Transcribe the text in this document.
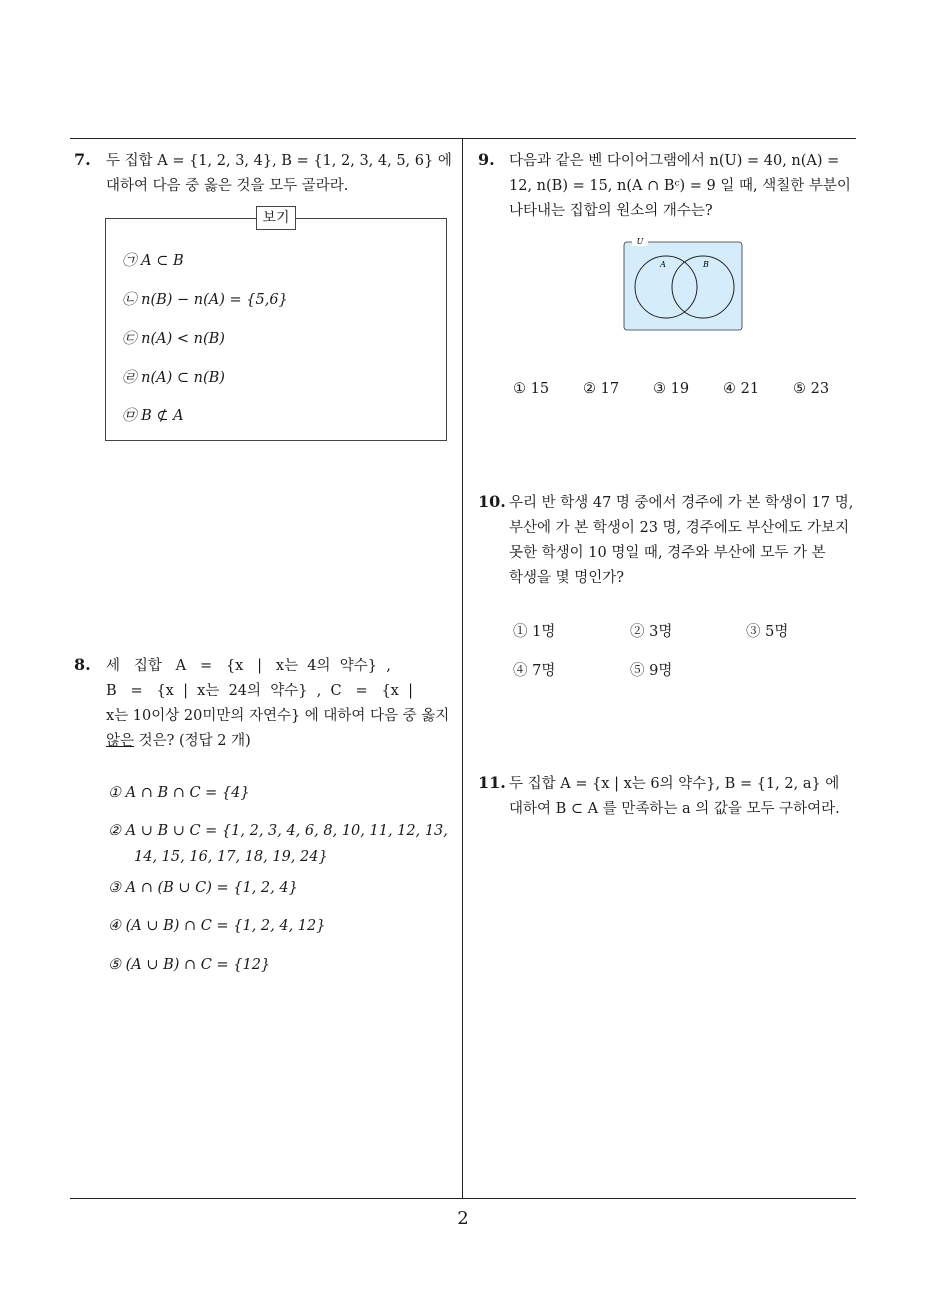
7. 두 집합 A = {1, 2, 3, 4}, B = {1, 2, 3, 4, 5, 6} 에
대하여 다음 중 옳은 것을 모두 골라라.
보기
㉠ A ⊂ B
㉡ n(B) − n(A) = {5,6}
㉢ n(A) < n(B)
㉣ n(A) ⊂ n(B)
㉤ B ⊄ A
8. 세   집합   A   =   {x   |   x는  4의  약수}  ,
B   =   {x  |  x는  24의  약수}  ,  C   =   {x  |
x는 10이상 20미만의 자연수} 에 대하여 다음 중 옳지
않은 것은? (정답 2 개)
① A ∩ B ∩ C = {4}
② A ∪ B ∪ C = {1, 2, 3, 4, 6, 8, 10, 11, 12, 13,
14, 15, 16, 17, 18, 19, 24}
③ A ∩ (B ∪ C) = {1, 2, 4}
④ (A ∪ B) ∩ C = {1, 2, 4, 12}
⑤ (A ∪ B) ∩ C = {12}
9. 다음과 같은 벤 다이어그램에서 n(U) = 40, n(A) =
12, n(B) = 15, n(A ∩ Bᶜ) = 9 일 때, 색칠한 부분이
나타내는 집합의 원소의 개수는?
U
A	B
① 15 ② 17 ③ 19 ④ 21 ⑤ 23
10. 우리 반 학생 47 명 중에서 경주에 가 본 학생이 17 명,
부산에 가 본 학생이 23 명, 경주에도 부산에도 가보지
못한 학생이 10 명일 때, 경주와 부산에 모두 가 본
학생을 몇 명인가?
① 1명	② 3명	③ 5명
④ 7명	⑤ 9명
11. 두 집합 A = {x | x는 6의 약수}, B = {1, 2, a} 에
대하여 B ⊂ A 를 만족하는 a 의 값을 모두 구하여라.
2
